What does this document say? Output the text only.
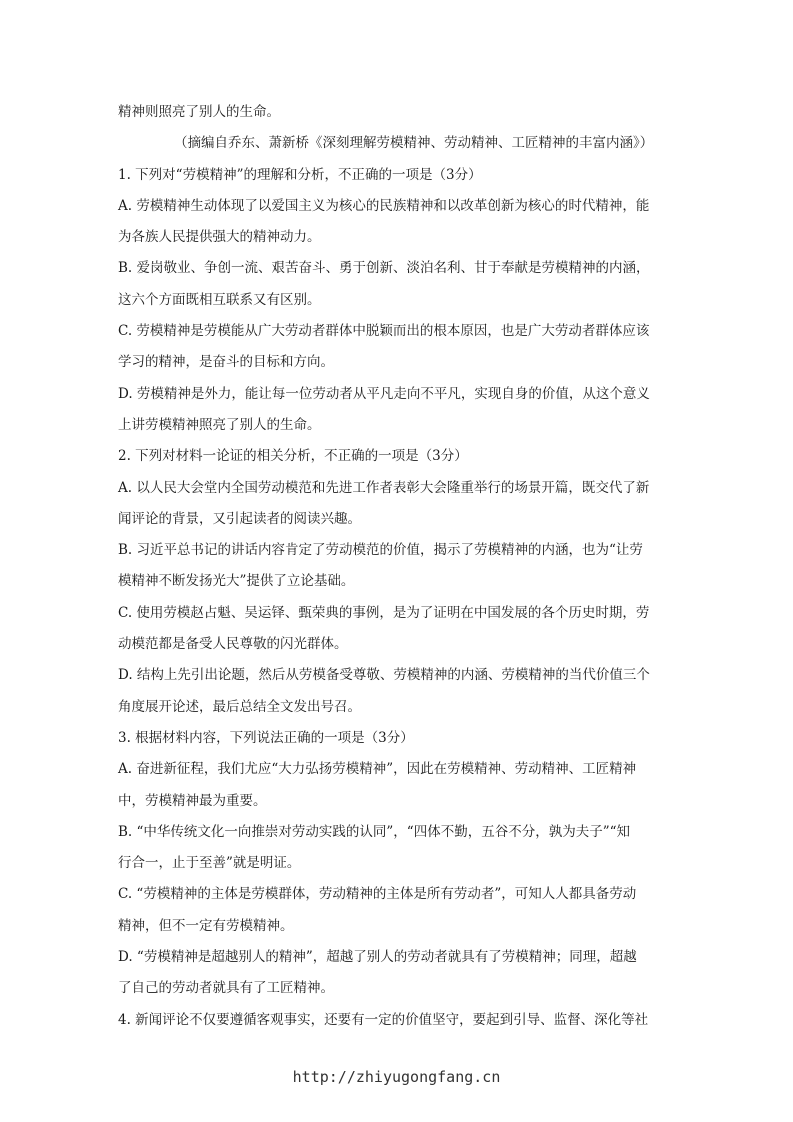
精神则照亮了别人的生命。
（摘编自乔东、萧新桥《深刻理解劳模精神、劳动精神、工匠精神的丰富内涵》）
1. 下列对“劳模精神”的理解和分析，不正确的一项是（3分）
A. 劳模精神生动体现了以爱国主义为核心的民族精神和以改革创新为核心的时代精神，能
为各族人民提供强大的精神动力。
B. 爱岗敬业、争创一流、艰苦奋斗、勇于创新、淡泊名利、甘于奉献是劳模精神的内涵，
这六个方面既相互联系又有区别。
C. 劳模精神是劳模能从广大劳动者群体中脱颖而出的根本原因，也是广大劳动者群体应该
学习的精神，是奋斗的目标和方向。
D. 劳模精神是外力，能让每一位劳动者从平凡走向不平凡，实现自身的价值，从这个意义
上讲劳模精神照亮了别人的生命。
2. 下列对材料一论证的相关分析，不正确的一项是（3分）
A. 以人民大会堂内全国劳动模范和先进工作者表彰大会隆重举行的场景开篇，既交代了新
闻评论的背景，又引起读者的阅读兴趣。
B. 习近平总书记的讲话内容肯定了劳动模范的价值，揭示了劳模精神的内涵，也为“让劳
模精神不断发扬光大”提供了立论基础。
C. 使用劳模赵占魁、吴运铎、甄荣典的事例，是为了证明在中国发展的各个历史时期，劳
动模范都是备受人民尊敬的闪光群体。
D. 结构上先引出论题，然后从劳模备受尊敬、劳模精神的内涵、劳模精神的当代价值三个
角度展开论述，最后总结全文发出号召。
3. 根据材料内容，下列说法正确的一项是（3分）
A. 奋进新征程，我们尤应“大力弘扬劳模精神”，因此在劳模精神、劳动精神、工匠精神
中，劳模精神最为重要。
B. “中华传统文化一向推崇对劳动实践的认同”，“四体不勤，五谷不分，孰为夫子”“知
行合一，止于至善”就是明证。
C. “劳模精神的主体是劳模群体，劳动精神的主体是所有劳动者”，可知人人都具备劳动
精神，但不一定有劳模精神。
D. “劳模精神是超越别人的精神”，超越了别人的劳动者就具有了劳模精神；同理，超越
了自己的劳动者就具有了工匠精神。
4. 新闻评论不仅要遵循客观事实，还要有一定的价值坚守，要起到引导、监督、深化等社
http://zhiyugongfang.cn
